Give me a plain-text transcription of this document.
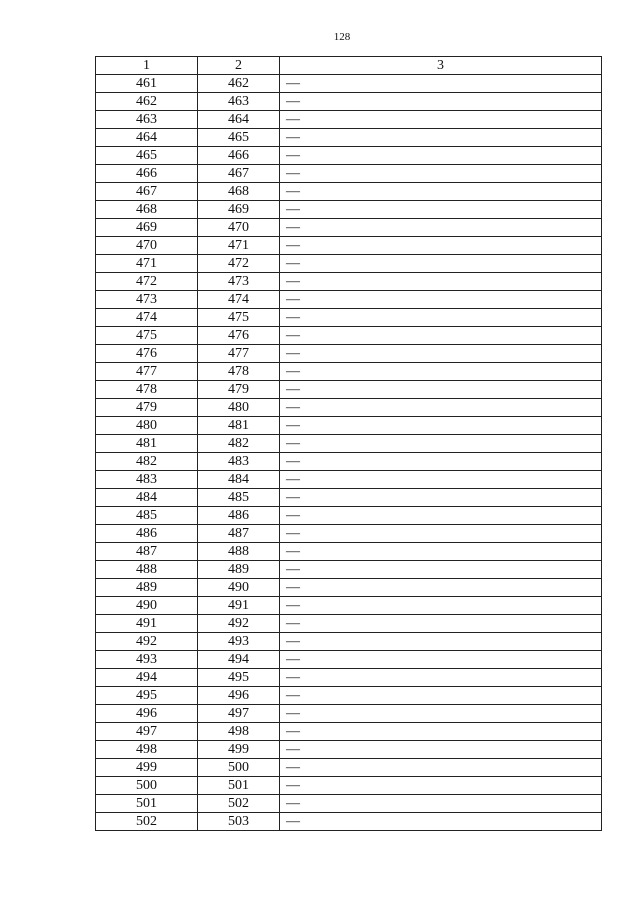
128
1	2	3
461	462	—
462	463	—
463	464	—
464	465	—
465	466	—
466	467	—
467	468	—
468	469	—
469	470	—
470	471	—
471	472	—
472	473	—
473	474	—
474	475	—
475	476	—
476	477	—
477	478	—
478	479	—
479	480	—
480	481	—
481	482	—
482	483	—
483	484	—
484	485	—
485	486	—
486	487	—
487	488	—
488	489	—
489	490	—
490	491	—
491	492	—
492	493	—
493	494	—
494	495	—
495	496	—
496	497	—
497	498	—
498	499	—
499	500	—
500	501	—
501	502	—
502	503	—
